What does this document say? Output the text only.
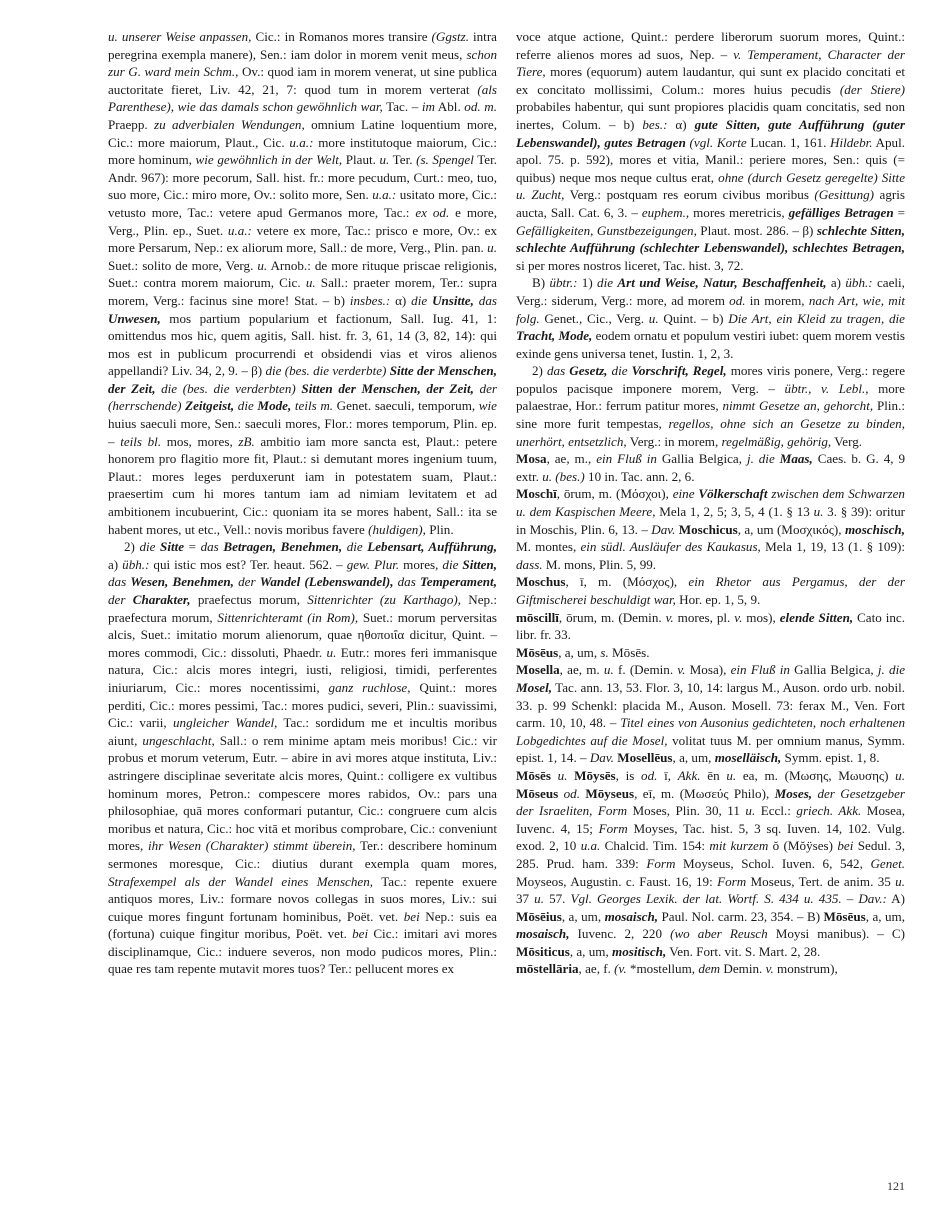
u. unserer Weise anpassen, Cic.: in Romanos mores transire (Ggstz. intra peregrina exempla manere), Sen.: iam dolor in morem venit meus, schon zur G. ward mein Schm., Ov.: quod iam in morem venerat, ut sine publica auctoritate fieret, Liv. 42, 21, 7: quod tum in morem verterat (als Parenthese), wie das damals schon gewöhnlich war, Tac. – im Abl. od. m. Praepp. zu adverbialen Wendungen, omnium Latine loquentium more, Cic.: more maiorum, Plaut., Cic. u.a.: more institutoque maiorum, Cic.: more hominum, wie gewöhnlich in der Welt, Plaut. u. Ter. (s. Spengel Ter. Andr. 967): more pecorum, Sall. hist. fr.: more pecudum, Curt.: meo, tuo, suo more, Cic.: miro more, Ov.: solito more, Sen. u.a.: usitato more, Cic.: vetusto more, Tac.: vetere apud Germanos more, Tac.: ex od. e more, Verg., Plin. ep., Suet. u.a.: vetere ex more, Tac.: prisco e more, Ov.: ex more Persarum, Nep.: ex aliorum more, Sall.: de more, Verg., Plin. pan. u. Suet.: solito de more, Verg. u. Arnob.: de more rituque priscae religionis, Suet.: contra morem maiorum, Cic. u. Sall.: praeter morem, Ter.: supra morem, Verg.: facinus sine more! Stat. – b) insbes.: α) die Unsitte, das Unwesen, mos partium popularium et factionum, Sall. Iug. 41, 1: omittendus mos hic, quem agitis, Sall. hist. fr. 3, 61, 14 (3, 82, 14): qui mos est in publicum procurrendi et obsidendi vias et viros alienos appellandi? Liv. 34, 2, 9. – β) die (bes. die verderbte) Sitte der Menschen, der Zeit, die (bes. die verderbten) Sitten der Menschen, der Zeit, der (herrschende) Zeitgeist, die Mode, teils m. Genet. saeculi, temporum, wie huius saeculi more, Sen.: saeculi mores, Flor.: mores temporum, Plin. ep. – teils bl. mos, mores, zB. ambitio iam more sancta est, Plaut.: petere honorem pro flagitio more fit, Plaut.: si demutant mores ingenium tuum, Plaut.: mores leges perduxerunt iam in potestatem suam, Plaut.: praesertim cum hi mores tantum iam ad nimiam levitatem et ad ambitionem incubuerint, Cic.: quoniam ita se mores habent, Sall.: ita se habent mores, ut etc., Vell.: novis moribus favere (huldigen), Plin.

2) die Sitte = das Betragen, Benehmen, die Lebensart, Aufführung, a) übh.: qui istic mos est? Ter. heaut. 562. – gew. Plur. mores, die Sitten, das Wesen, Benehmen, der Wandel (Lebenswandel), das Temperament, der Charakter, praefectus morum, Sittenrichter (zu Karthago), Nep.: praefectura morum, Sittenrichteramt (in Rom), Suet.: morum perversitas alcis, Suet.: imitatio morum alienorum, quae ηθοποιΐα dicitur, Quint. – mores commodi, Cic.: dissoluti, Phaedr. u. Eutr.: mores feri immanisque natura, Cic.: alcis mores integri, iusti, religiosi, timidi, perferentes iniuriarum, Cic.: mores nocentissimi, ganz ruchlose, Quint.: mores perditi, Cic.: mores pessimi, Tac.: mores pudici, severi, Plin.: suavissimi, Cic.: varii, ungleicher Wandel, Tac.: sordidum me et incultis moribus aiunt, ungeschlacht, Sall.: o rem minime aptam meis moribus! Cic.: vir probus et morum veterum, Eutr. – abire in avi mores atque instituta, Liv.: astringere disciplinae severitate alcis mores, Quint.: colligere ex vultibus hominum mores, Petron.: compescere mores rabidos, Ov.: pars una philosophiae, quā mores conformari putantur, Cic.: congruere cum alcis moribus et natura, Cic.: hoc vitā et moribus comprobare, Cic.: conveniunt mores, ihr Wesen (Charakter) stimmt überein, Ter.: describere hominum sermones moresque, Cic.: diutius durant exempla quam mores, Strafexempel als der Wandel eines Menschen, Tac.: repente exuere antiquos mores, Liv.: formare novos collegas in suos mores, Liv.: sui cuique mores fingunt fortunam hominibus, Poët. vet. bei Nep.: suis ea (fortuna) cuique fingitur moribus, Poët. vet. bei Cic.: imitari avi mores disciplinamque, Cic.: induere severos, non modo pudicos mores, Plin.: quae res tam repente mutavit mores tuos? Ter.: pellucent mores ex

voce atque actione, Quint.: perdere liberorum suorum mores, Quint.: referre alienos mores ad suos, Nep. – v. Temperament, Character der Tiere, mores (equorum) autem laudantur, qui sunt ex placido concitati et ex concitato mollissimi, Colum.: mores huius pecudis (der Stiere) probabiles habentur, qui sunt propiores placidis quam concitatis, sed non inertes, Colum. – b) bes.: α) gute Sitten, gute Aufführung (guter Lebenswandel), gutes Betragen (vgl. Korte Lucan. 1, 161. Hildebr. Apul. apol. 75. p. 592), mores et vitia, Manil.: periere mores, Sen.: quis (= quibus) neque mos neque cultus erat, ohne (durch Gesetz geregelte) Sitte u. Zucht, Verg.: postquam res eorum civibus moribus (Gesittung) agris aucta, Sall. Cat. 6, 3. – euphem., mores meretricis, gefälliges Betragen = Gefälligkeiten, Gunstbezeigungen, Plaut. most. 286. – β) schlechte Sitten, schlechte Aufführung (schlechter Lebenswandel), schlechtes Betragen, si per mores nostros liceret, Tac. hist. 3, 72.

B) übtr.: 1) die Art und Weise, Natur, Beschaffenheit, a) übh.: caeli, Verg.: siderum, Verg.: more, ad morem od. in morem, nach Art, wie, mit folg. Genet., Cic., Verg. u. Quint. – b) Die Art, ein Kleid zu tragen, die Tracht, Mode, eodem ornatu et populum vestiri iubet: quem morem vestis exinde gens universa tenet, Iustin. 1, 2, 3.

2) das Gesetz, die Vorschrift, Regel, mores viris ponere, Verg.: regere populos pacisque imponere morem, Verg. – übtr., v. Lebl., more palaestrae, Hor.: ferrum patitur mores, nimmt Gesetze an, gehorcht, Plin.: sine more furit tempestas, regellos, ohne sich an Gesetze zu binden, unerhört, entsetzlich, Verg.: in morem, regelmäßig, gehörig, Verg.

Mosa, ae, m., ein Fluß in Gallia Belgica, j. die Maas, Caes. b. G. 4, 9 extr. u. (bes.) 10 in. Tac. ann. 2, 6.

Moschī, ōrum, m. (Μόσχοι), eine Völkerschaft zwischen dem Schwarzen u. dem Kaspischen Meere, Mela 1, 2, 5; 3, 5, 4 (1. § 13 u. 3. § 39): oritur in Moschis, Plin. 6, 13. – Dav. Moschicus, a, um (Μοσχικός), moschisch, M. montes, ein südl. Ausläufer des Kaukasus, Mela 1, 19, 13 (1. § 109): dass. M. mons, Plin. 5, 99.

Moschus, ī, m. (Μόσχος), ein Rhetor aus Pergamus, der der Giftmischerei beschuldigt war, Hor. ep. 1, 5, 9.

mōscillī, ōrum, m. (Demin. v. mores, pl. v. mos), elende Sitten, Cato inc. libr. fr. 33.

Mōsēus, a, um, s. Mōsēs.

Mosella, ae, m. u. f. (Demin. v. Mosa), ein Fluß in Gallia Belgica, j. die Mosel, Tac. ann. 13, 53. Flor. 3, 10, 14: largus M., Auson. ordo urb. nobil. 33. p. 99 Schenkl: placida M., Auson. Mosell. 73: ferax M., Ven. Fort carm. 10, 10, 48. – Titel eines von Ausonius gedichteten, noch erhaltenen Lobgedichtes auf die Mosel, volitat tuus M. per omnium manus, Symm. epist. 1, 14. – Dav. Mosellēus, a, um, moselläisch, Symm. epist. 1, 8.

Mōsēs u. Mōysēs, is od. ī, Akk. ēn u. ea, m. (Μωσης, Μωυσης) u. Mōseus od. Mōyseus, eī, m. (Μωσεύς Philo), Moses, der Gesetzgeber der Israeliten, Form Moses, Plin. 30, 11 u. Eccl.: griech. Akk. Mosea, Iuvenc. 4, 15; Form Moyses, Tac. hist. 5, 3 sq. Iuven. 14, 102. Vulg. exod. 2, 10 u.a. Chalcid. Tim. 154: mit kurzem ŏ (Mŏÿses) bei Sedul. 3, 285. Prud. ham. 339: Form Moyseus, Schol. Iuven. 6, 542, Genet. Moyseos, Augustin. c. Faust. 16, 19: Form Moseus, Tert. de anim. 35 u. 37 u. 57. Vgl. Georges Lexik. der lat. Wortf. S. 434 u. 435. – Dav.: A) Mōsēius, a, um, mosaisch, Paul. Nol. carm. 23, 354. – B) Mōsēus, a, um, mosaisch, Iuvenc. 2, 220 (wo aber Reusch Moysi manibus). – C) Mōsiticus, a, um, mositisch, Ven. Fort. vit. S. Mart. 2, 28.

mōstellāria, ae, f. (v. *mostellum, dem Demin. v. monstrum),

121
